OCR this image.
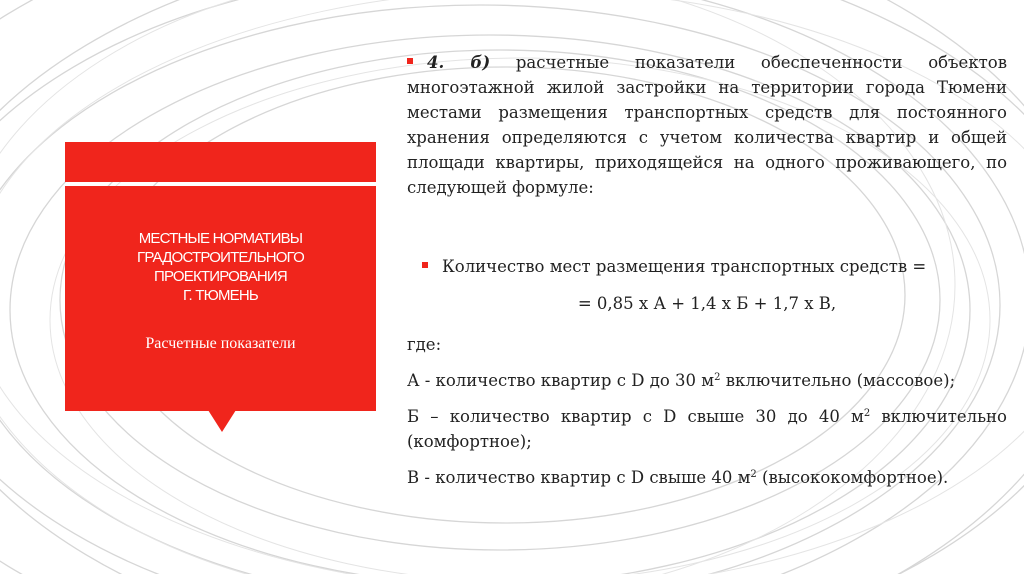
МЕСТНЫЕ НОРМАТИВЫ
ГРАДОСТРОИТЕЛЬНОГО
ПРОЕКТИРОВАНИЯ
Г. ТЮМЕНЬ
Расчетные показатели
4. б) расчетные показатели обеспеченности объектов многоэтажной жилой застройки на территории города Тюмени местами размещения транспортных средств для постоянного хранения определяются с учетом количества квартир и общей площади квартиры, приходящейся на одного проживающего, по следующей формуле:
Количество мест размещения транспортных средств =
= 0,85 х А + 1,4 х Б + 1,7 х В,
где:
А - количество квартир с D до 30 $м^2$ включительно (массовое);
Б – количество квартир с D свыше 30 до 40 $м^2$ включительно (комфортное);
В - количество квартир с D свыше 40 $м^2$ (высококомфортное).
